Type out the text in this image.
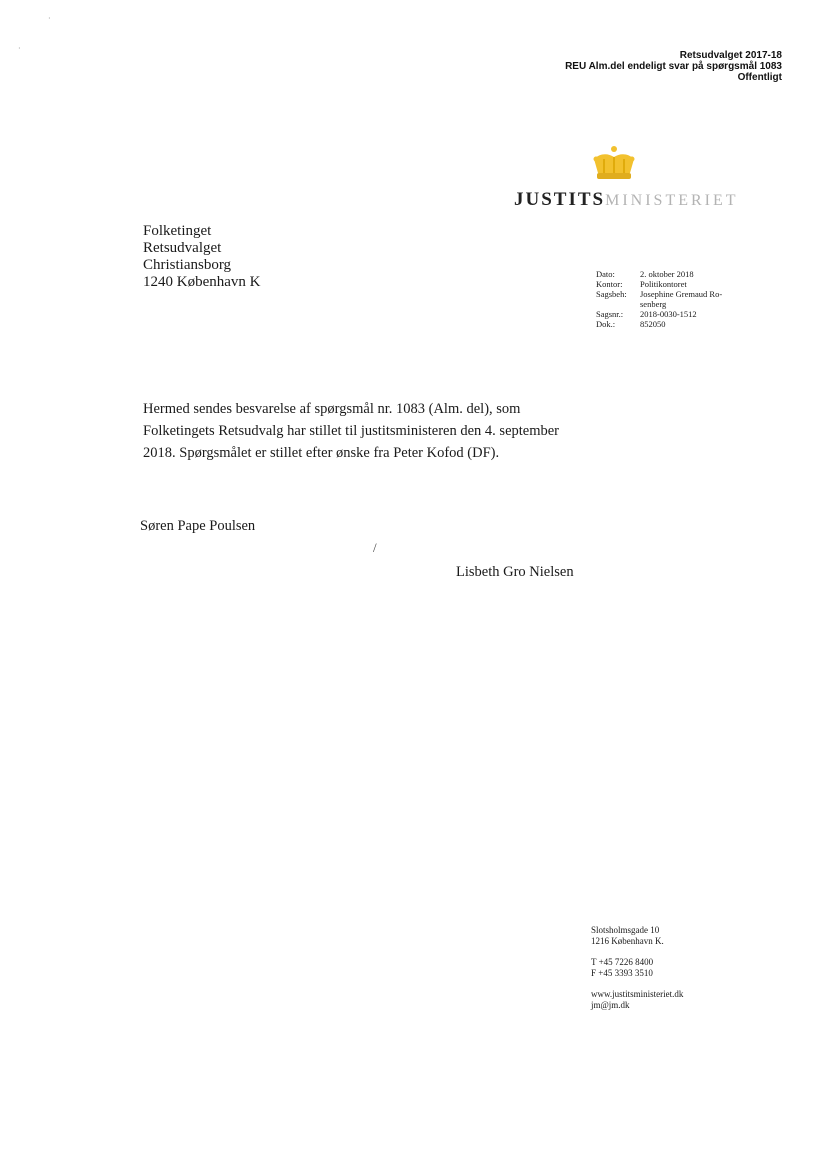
·
·
Retsudvalget 2017-18
REU Alm.del endeligt svar på spørgsmål 1083
Offentligt
JUSTITSMINISTERIET
Folketinget
Retsudvalget
Christiansborg
1240 København K	Dato:	2. oktober 2018
Kontor:	Politikontoret
Sagsbeh:	Josephine Gremaud Ro-senberg
Sagsnr.:	2018-0030-1512
Dok.:	852050
Hermed sendes besvarelse af spørgsmål nr. 1083 (Alm. del), som Folketingets Retsudvalg har stillet til justitsministeren den 4. september 2018. Spørgsmålet er stillet efter ønske fra Peter Kofod (DF).
Søren Pape Poulsen
/
Lisbeth Gro Nielsen
Slotsholmsgade 10
1216 København K.
T +45 7226 8400
F +45 3393 3510
www.justitsministeriet.dk
jm@jm.dk
